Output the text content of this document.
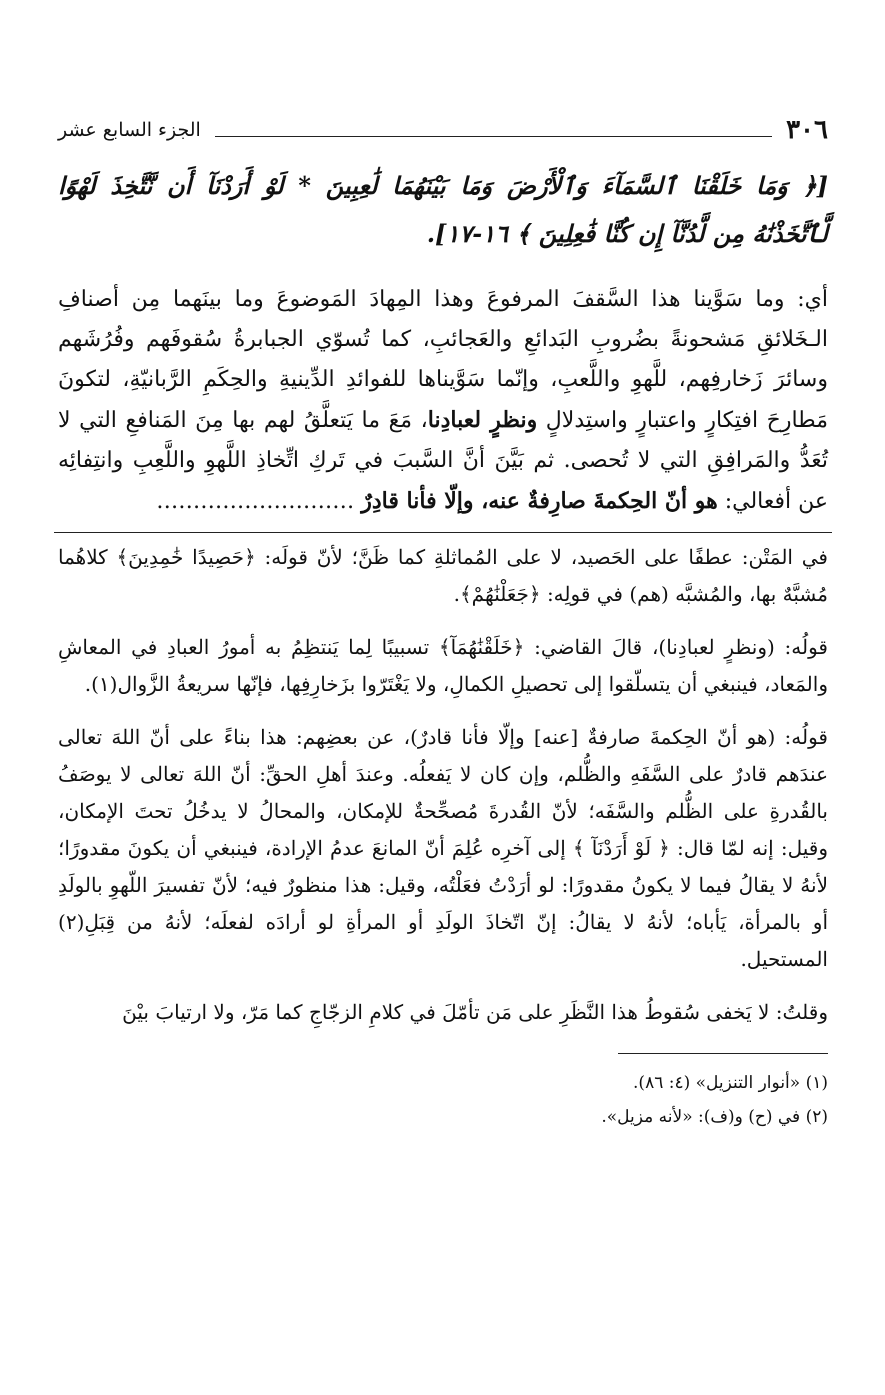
٣٠٦
الجزء السابع عشر
[﴿ وَمَا خَلَقْنَا ٱلسَّمَآءَ وَٱلْأَرْضَ وَمَا بَيْنَهُمَا لَٰعِبِينَ * لَوْ أَرَدْنَآ أَن نَّتَّخِذَ لَهْوًا لَّٱتَّخَذْنَٰهُ مِن لَّدُنَّآ إِن كُنَّا فَٰعِلِينَ ﴾ ١٦-١٧].
أي: وما سَوَّينا هذا السَّقفَ المرفوعَ وهذا المِهادَ المَوضوعَ وما بينَهما مِن أصنافِ الـخَلائقِ مَشحونةً بضُروبِ البَدائعِ والعَجائبِ، كما تُسوّي الجبابرةُ سُقوفَهم وفُرُشَهم وسائرَ زَخارفِهم، للَّهوِ واللَّعبِ، وإنّما سَوَّيناها للفوائدِ الدِّينيةِ والحِكَمِ الرَّبانيّةِ، لتكونَ مَطارِحَ افتِكارٍ واعتبارٍ واستِدلالٍ ونظرٍ لعبادِنا، مَعَ ما يَتعلَّقُ لهم بها مِنَ المَنافعِ التي لا تُعَدُّ والمَرافِقِ التي لا تُحصى. ثم بَيَّنَ أنَّ السَّببَ في تَركِ اتِّخاذِ اللَّهوِ واللَّعِبِ وانتِفائِه عن أفعالي: هو أنّ الحِكمةَ صارِفةٌ عنه، وإلّا فأنا قادِرٌ ………………………

في المَتْن: عطفًا على الحَصيد، لا على المُماثلةِ كما ظَنَّ؛ لأنّ قولَه: ﴿حَصِيدًا خَٰمِدِينَ﴾ كلاهُما مُشبَّهٌ بها، والمُشبَّه (هم) في قولِه: ﴿جَعَلْنَٰهُمْ﴾.

قولُه: (ونظرٍ لعبادِنا)، قالَ القاضي: ﴿خَلَقْنَٰهُمَآ﴾ تسبيبًا لِما يَنتظِمُ به أمورُ العبادِ في المعاشِ والمَعاد، فينبغي أن يتسلّقوا إلى تحصيلِ الكمالِ، ولا يَغْتَرّوا بزَخارِفِها، فإنّها سريعةُ الزَّوال(١).

قولُه: (هو أنّ الحِكمةَ صارفةٌ [عنه] وإلّا فأنا قادرٌ)، عن بعضِهم: هذا بناءً على أنّ اللهَ تعالى عندَهم قادرٌ على السَّفَهِ والظُّلم، وإن كان لا يَفعلُه. وعندَ أهلِ الحقِّ: أنّ اللهَ تعالى لا يوصَفُ بالقُدرةِ على الظُّلم والسَّفَه؛ لأنّ القُدرةَ مُصحِّحةٌ للإمكان، والمحالُ لا يدخُلُ تحتَ الإمكان، وقيل: إنه لمّا قال: ﴿ لَوْ أَرَدْنَآ ﴾ إلى آخرِه عُلِمَ أنّ المانعَ عدمُ الإرادة، فينبغي أن يكونَ مقدورًا؛ لأنهُ لا يقالُ فيما لا يكونُ مقدورًا: لو أرَدْتُ فعَلْتُه، وقيل: هذا منظورٌ فيه؛ لأنّ تفسيرَ اللّهوِ بالولَدِ أو بالمرأة، يَأباه؛ لأنهُ لا يقالُ: إنّ اتّخاذَ الولَدِ أو المرأةِ لو أرادَه لفعلَه؛ لأنهُ من قِبَلِ(٢) المستحيل.

وقلتُ: لا يَخفى سُقوطُ هذا النَّظَرِ على مَن تأمّلَ في كلامِ الزجّاجِ كما مَرّ، ولا ارتيابَ بيْنَ

(١) «أنوار التنزيل» (٤: ٨٦).
(٢) في (ح) و(ف): «لأنه مزيل».
